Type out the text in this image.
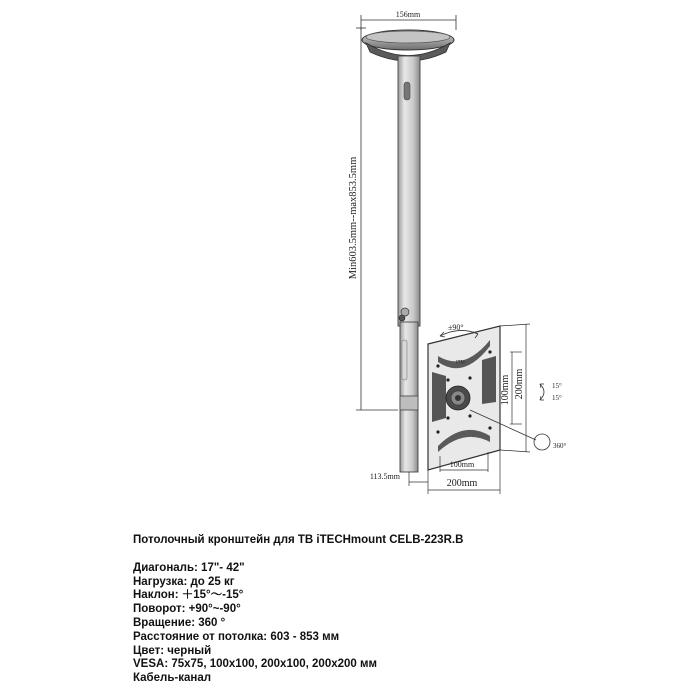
156mm
Min603.5mm--max853.5mm
ITM
±90°
100mm 200mm	15°
15°
360°
100mm
200mm
113.5mm
Потолочный кронштейн для ТВ iTECHmount CELB-223R.B
Диагональ: 17"- 42"
Нагрузка: до 25 кг
Наклон: ＋15°～-15°
Поворот: +90°~-90°
Вращение: 360 °
Расстояние от потолка: 603 - 853 мм
Цвет: черный
VESA: 75x75, 100x100, 200x100, 200x200 мм
Кабель-канал
